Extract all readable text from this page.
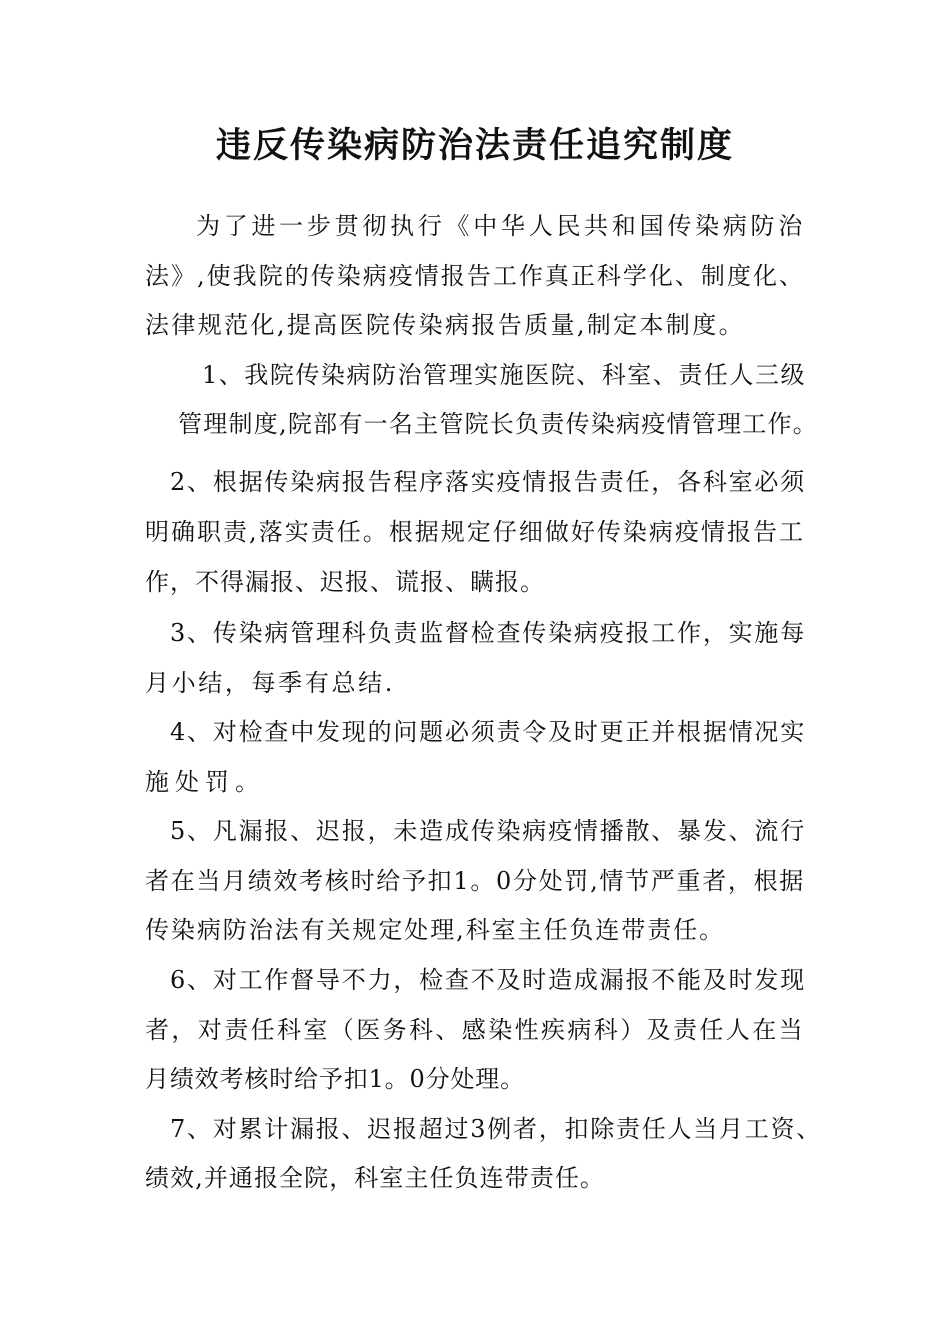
违反传染病防治法责任追究制度
为了进一步贯彻执行《中华人民共和国传染病防治
法》,使我院的传染病疫情报告工作真正科学化、制度化、
法律规范化,提高医院传染病报告质量,制定本制度。
1、我院传染病防治管理实施医院、科室、责任人三级
管理制度,院部有一名主管院长负责传染病疫情管理工作。
2、根据传染病报告程序落实疫情报告责任，各科室必须
明确职责,落实责任。根据规定仔细做好传染病疫情报告工
作，不得漏报、迟报、谎报、瞒报。
3、传染病管理科负责监督检查传染病疫报工作，实施每
月小结，每季有总结.
4、对检查中发现的问题必须责令及时更正并根据情况实
施处罚。
5、凡漏报、迟报，未造成传染病疫情播散、暴发、流行
者在当月绩效考核时给予扣1。0分处罚,情节严重者，根据
传染病防治法有关规定处理,科室主任负连带责任。
6、对工作督导不力，检查不及时造成漏报不能及时发现
者，对责任科室（医务科、感染性疾病科）及责任人在当
月绩效考核时给予扣1。0分处理。
7、对累计漏报、迟报超过3例者，扣除责任人当月工资、
绩效,并通报全院，科室主任负连带责任。
